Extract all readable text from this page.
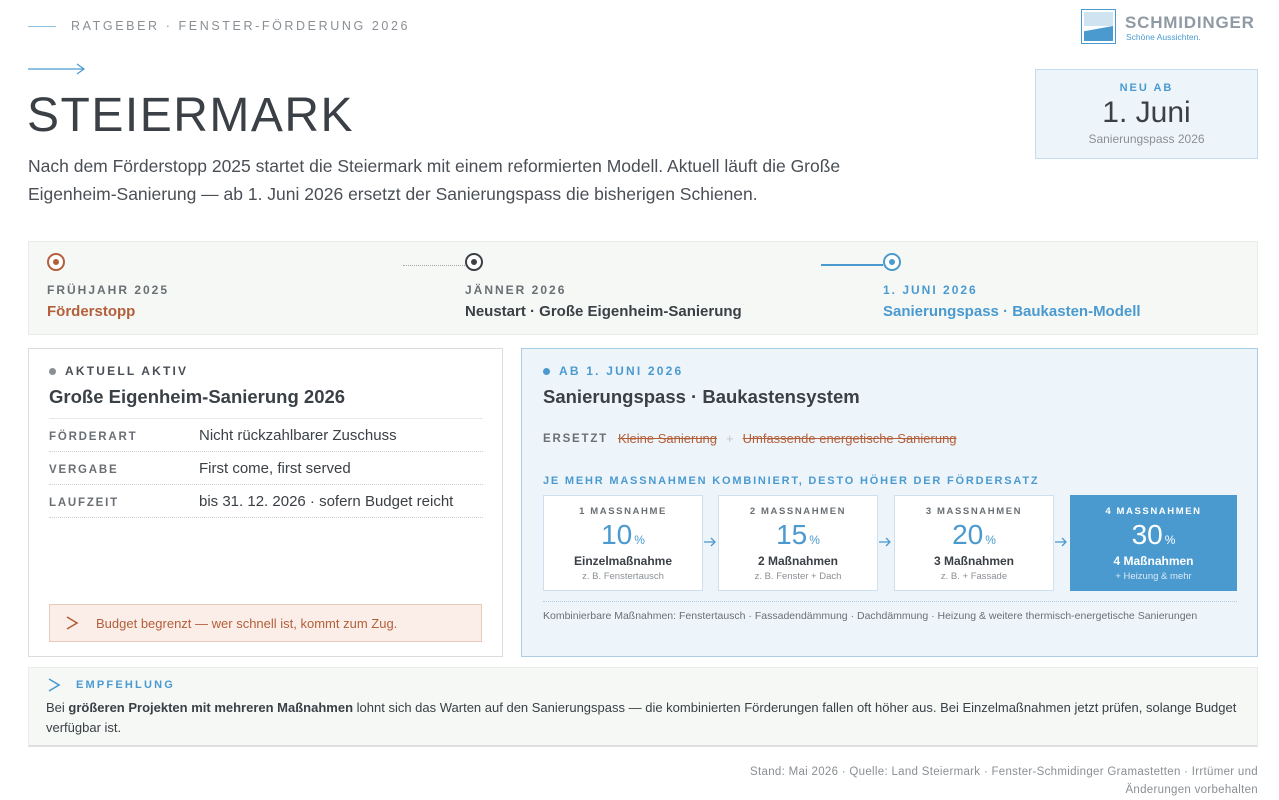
RATGEBER · FENSTER-FÖRDERUNG 2026	SCHMIDINGER
Schöne Aussichten.
STEIERMARK

Nach dem Förderstopp 2025 startet die Steiermark mit einem reformierten Modell. Aktuell läuft die Große Eigenheim-Sanierung — ab 1. Juni 2026 ersetzt der Sanierungspass die bisherigen Schienen.

NEU AB
1. Juni
Sanierungspass 2026
FRÜHJAHR 2025
Förderstopp
JÄNNER 2026
Neustart · Große Eigenheim-Sanierung
1. JUNI 2026
Sanierungspass · Baukasten-Modell
AKTUELL AKTIV
Große Eigenheim-Sanierung 2026
FÖRDERART	Nicht rückzahlbarer Zuschuss
VERGABE	First come, first served
LAUFZEIT	bis 31. 12. 2026 · sofern Budget reicht
Budget begrenzt — wer schnell ist, kommt zum Zug.
AB 1. JUNI 2026
Sanierungspass · Baukastensystem
ERSETZT Kleine Sanierung + Umfassende energetische Sanierung
JE MEHR MASSNAHMEN KOMBINIERT, DESTO HÖHER DER FÖRDERSATZ
1 MASSNAHME
10 %
Einzelmaßnahme
z. B. Fenstertausch
2 MASSNAHMEN
15 %
2 Maßnahmen
z. B. Fenster + Dach
3 MASSNAHMEN
20 %
3 Maßnahmen
z. B. + Fassade
4 MASSNAHMEN
30 %
4 Maßnahmen
+ Heizung & mehr
Kombinierbare Maßnahmen: Fenstertausch · Fassadendämmung · Dachdämmung · Heizung & weitere thermisch-energetische Sanierungen
EMPFEHLUNG
Bei größeren Projekten mit mehreren Maßnahmen lohnt sich das Warten auf den Sanierungspass — die kombinierten Förderungen fallen oft höher aus. Bei Einzelmaßnahmen jetzt prüfen, solange Budget verfügbar ist.
Stand: Mai 2026 · Quelle: Land Steiermark · Fenster-Schmidinger Gramastetten · Irrtümer und Änderungen vorbehalten
